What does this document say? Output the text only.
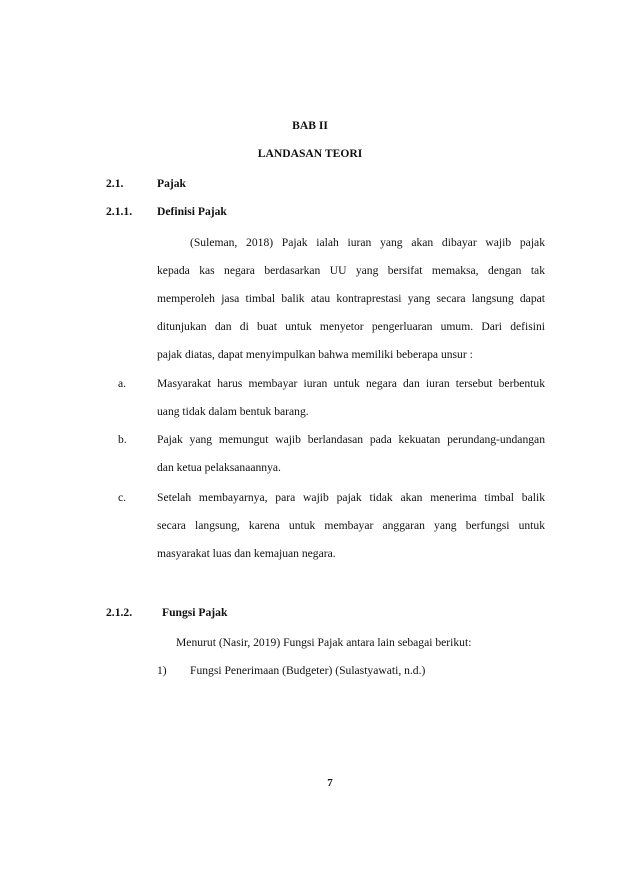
BAB II
LANDASAN TEORI
2.1.	Pajak
2.1.1. Definisi Pajak
(Suleman, 2018) Pajak ialah iuran yang akan dibayar wajib pajak
kepada kas negara berdasarkan UU yang bersifat memaksa, dengan tak
memperoleh jasa timbal balik atau kontraprestasi yang secara langsung dapat
ditunjukan dan di buat untuk menyetor pengerluaran umum. Dari defisini
pajak diatas, dapat menyimpulkan bahwa memiliki beberapa unsur :
a.	Masyarakat harus membayar iuran untuk negara dan iuran tersebut berbentuk
uang tidak dalam bentuk barang.
b.	Pajak yang memungut wajib berlandasan pada kekuatan perundang-undangan
dan ketua pelaksanaannya.
c.	Setelah membayarnya, para wajib pajak tidak akan menerima timbal balik
secara langsung, karena untuk membayar anggaran yang berfungsi untuk
masyarakat luas dan kemajuan negara.
2.1.2.	Fungsi Pajak
Menurut (Nasir, 2019) Fungsi Pajak antara lain sebagai berikut:
1) Fungsi Penerimaan (Budgeter) (Sulastyawati, n.d.)
7
